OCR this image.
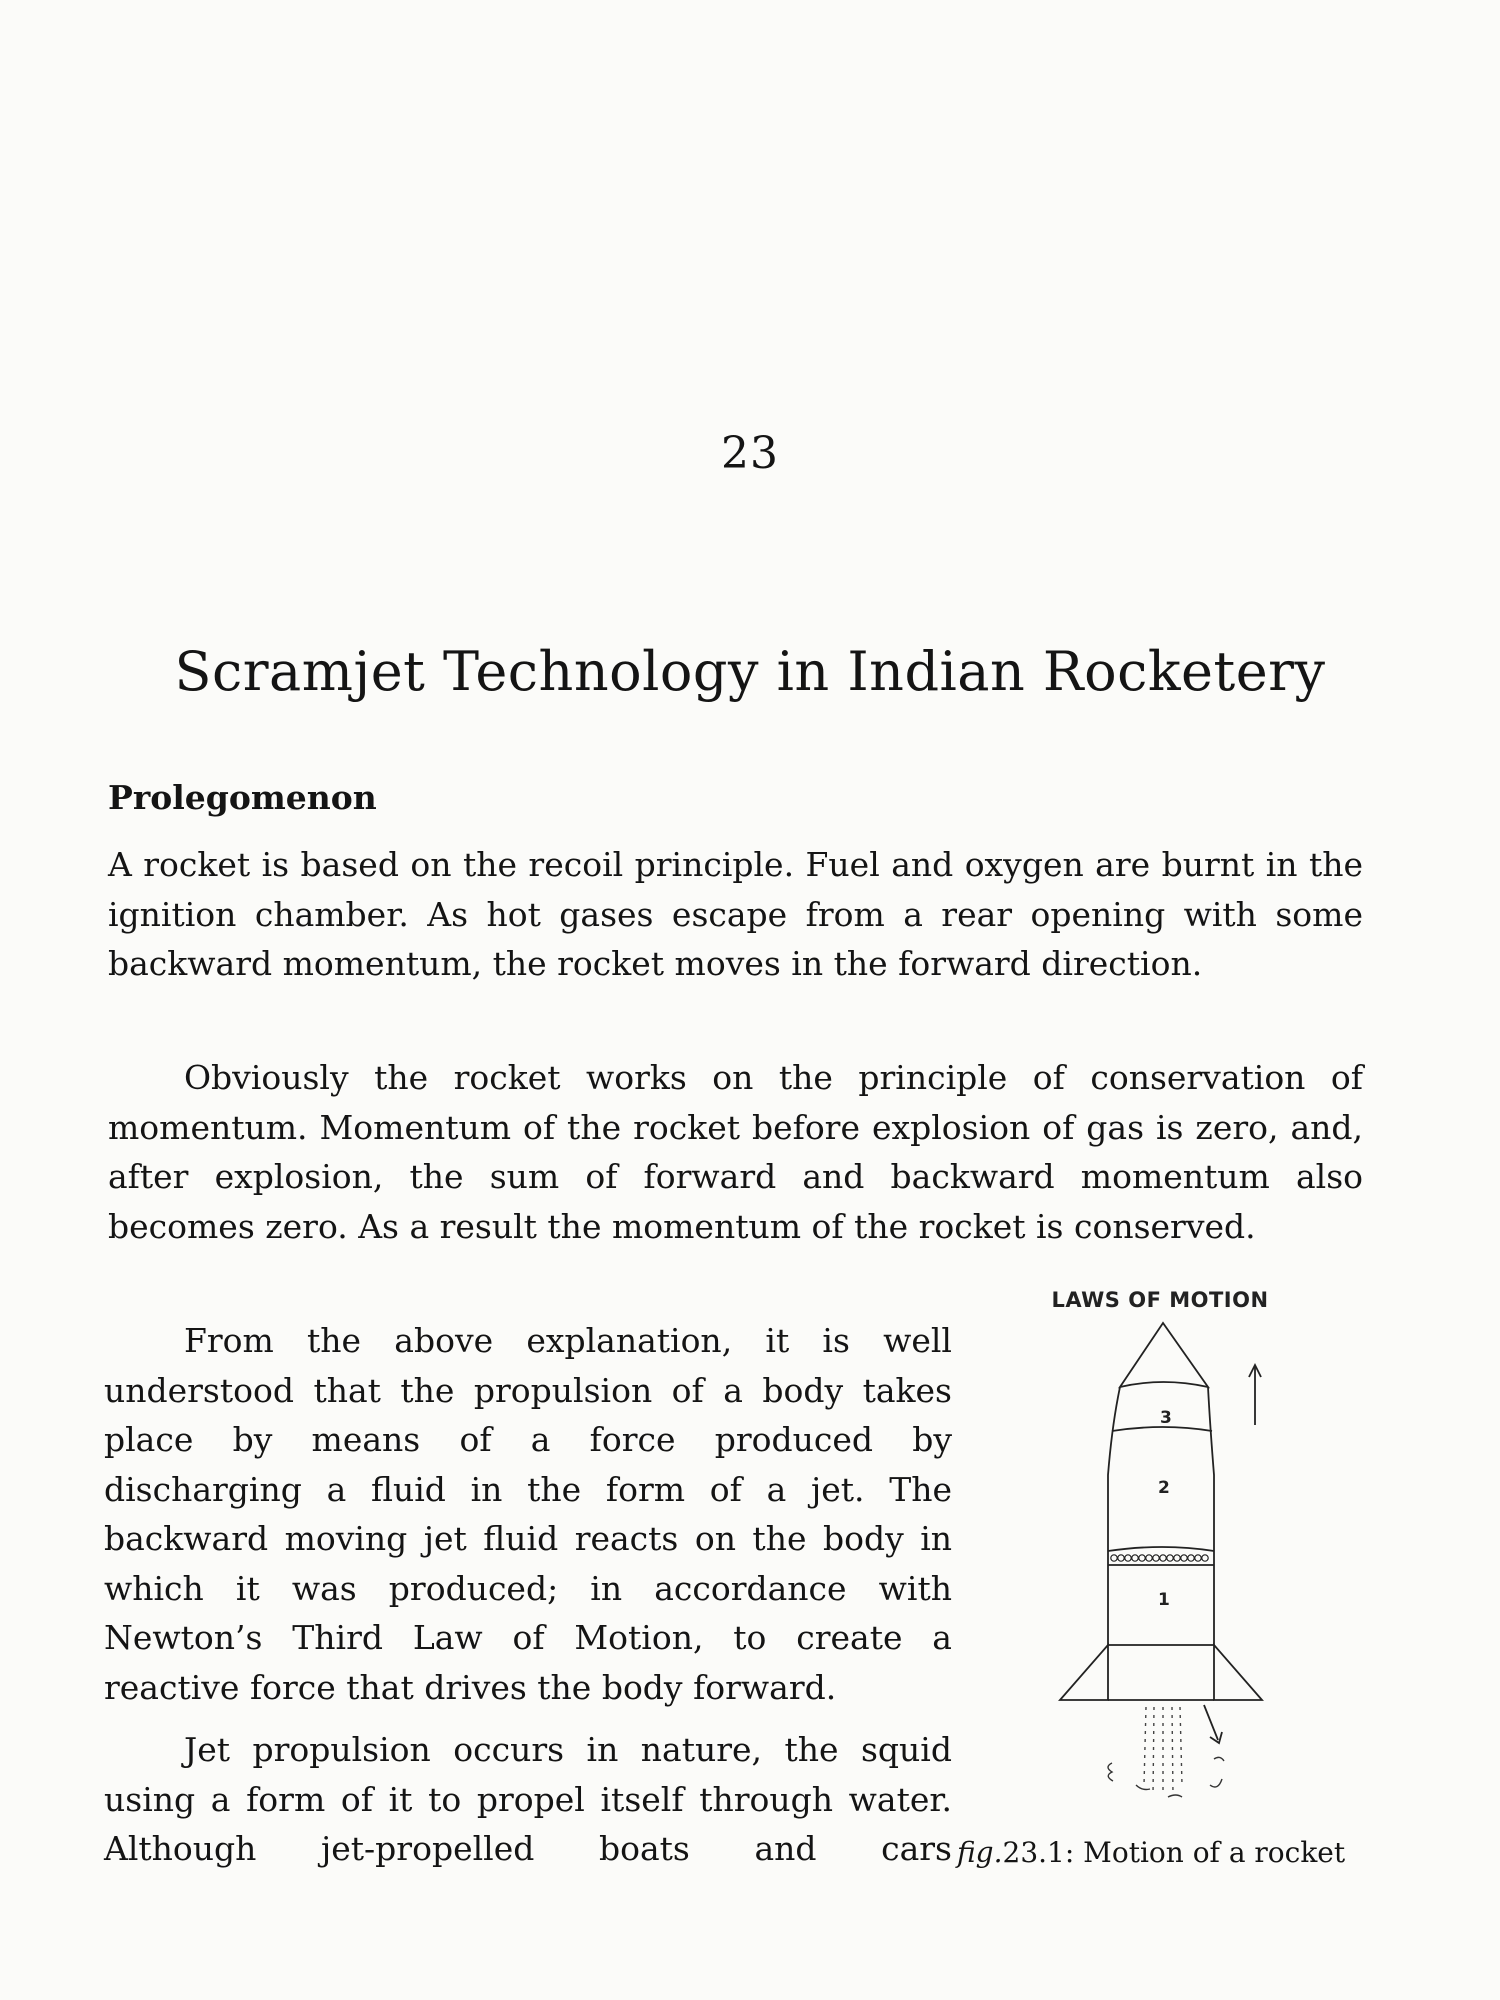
23
Scramjet Technology in Indian Rocketery
Prolegomenon

A rocket is based on the recoil principle. Fuel and oxygen are burnt in the ignition chamber. As hot gases escape from a rear opening with some backward momentum, the rocket moves in the forward direction.

Obviously the rocket works on the principle of conservation of momentum. Momentum of the rocket before explosion of gas is zero, and, after explosion, the sum of forward and backward momentum also becomes zero. As a result the momentum of the rocket is conserved.

From the above explanation, it is well understood that the propulsion of a body takes place by means of a force produced by discharging a fluid in the form of a jet. The backward moving jet fluid reacts on the body in which it was produced; in accordance with Newton’s Third Law of Motion, to create a reactive force that drives the body forward.

Jet propulsion occurs in nature, the squid using a form of it to propel itself through water. Although jet-propelled boats and cars

LAWS OF MOTION
3
2
1
fig.23.1: Motion of a rocket
